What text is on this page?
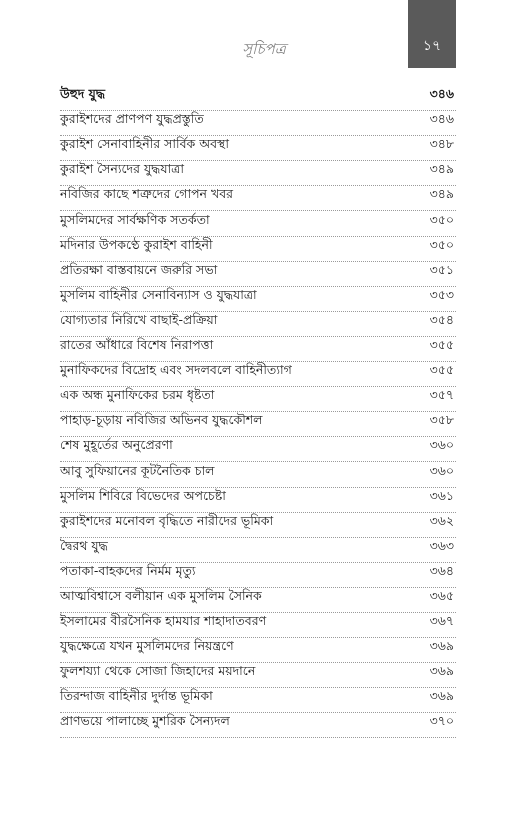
সূচিপত্র	১৭
উহুদ যুদ্ধ	৩৪৬
কুরাইশদের প্রাণপণ যুদ্ধপ্রস্তুতি	৩৪৬
কুরাইশ সেনাবাহিনীর সার্বিক অবস্থা	৩৪৮
কুরাইশ সৈন্যদের যুদ্ধযাত্রা	৩৪৯
নবিজির কাছে শত্রুদের গোপন খবর	৩৪৯
মুসলিমদের সার্বক্ষণিক সতর্কতা	৩৫০
মদিনার উপকণ্ঠে কুরাইশ বাহিনী	৩৫০
প্রতিরক্ষা বাস্তবায়নে জরুরি সভা	৩৫১
মুসলিম বাহিনীর সেনাবিন্যাস ও যুদ্ধযাত্রা	৩৫৩
যোগ্যতার নিরিখে বাছাই-প্রক্রিয়া	৩৫৪
রাতের আঁধারে বিশেষ নিরাপত্তা	৩৫৫
মুনাফিকদের বিদ্রোহ এবং সদলবলে বাহিনীত্যাগ	৩৫৫
এক অন্ধ মুনাফিকের চরম ধৃষ্টতা	৩৫৭
পাহাড়-চূড়ায় নবিজির অভিনব যুদ্ধকৌশল	৩৫৮
শেষ মুহূর্তের অনুপ্রেরণা	৩৬০
আবু সুফিয়ানের কূটনৈতিক চাল	৩৬০
মুসলিম শিবিরে বিভেদের অপচেষ্টা	৩৬১
কুরাইশদের মনোবল বৃদ্ধিতে নারীদের ভূমিকা	৩৬২
দ্বৈরথ যুদ্ধ	৩৬৩
পতাকা-বাহকদের নির্মম মৃত্যু	৩৬৪
আত্মবিশ্বাসে বলীয়ান এক মুসলিম সৈনিক	৩৬৫
ইসলামের বীরসৈনিক হামযার শাহাদাতবরণ	৩৬৭
যুদ্ধক্ষেত্রে যখন মুসলিমদের নিয়ন্ত্রণে	৩৬৯
ফুলশয্যা থেকে সোজা জিহাদের ময়দানে	৩৬৯
তিরন্দাজ বাহিনীর দুর্দান্ত ভূমিকা	৩৬৯
প্রাণভয়ে পালাচ্ছে মুশরিক সৈন্যদল	৩৭০
